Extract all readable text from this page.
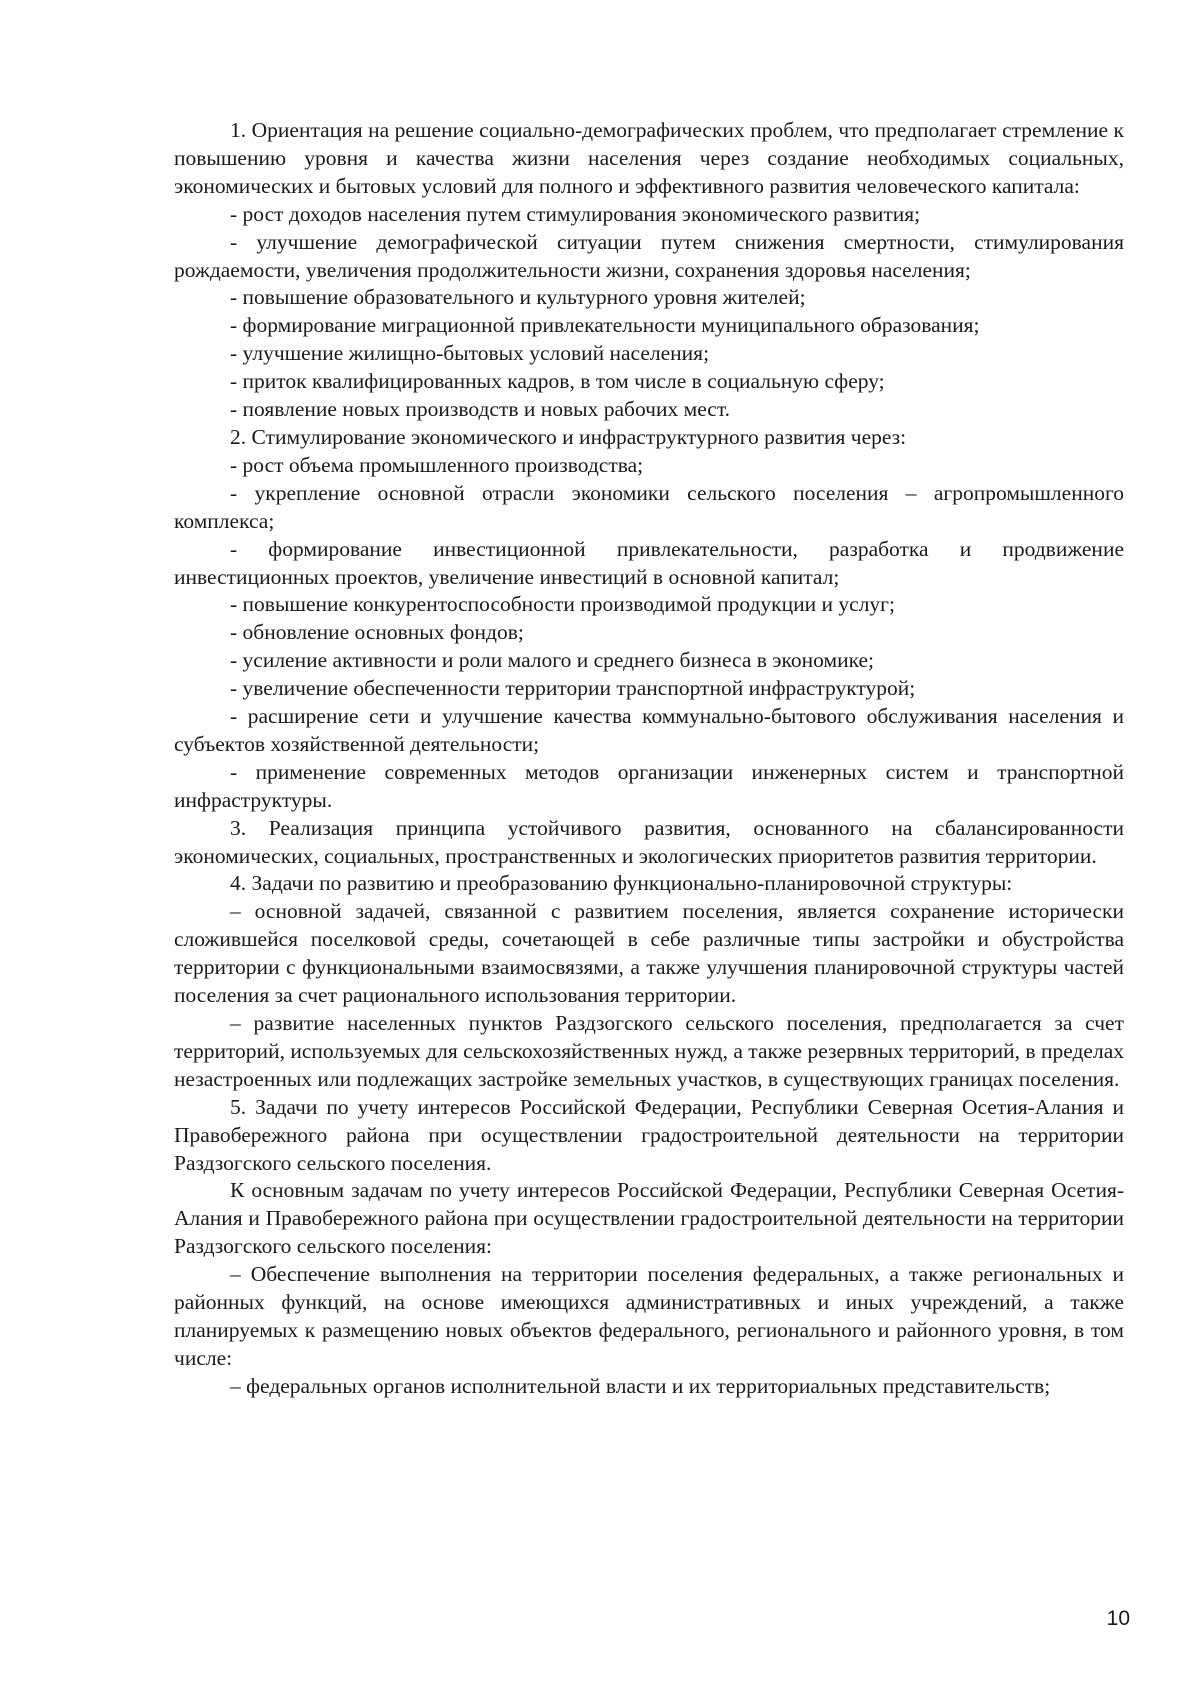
1. Ориентация на решение социально-демографических проблем, что предполагает стремление к повышению уровня и качества жизни населения через создание необходимых социальных, экономических и бытовых условий для полного и эффективного развития человеческого капитала:

- рост доходов населения путем стимулирования экономического развития;

- улучшение демографической ситуации путем снижения смертности, стимулирования рождаемости, увеличения продолжительности жизни, сохранения здоровья населения;

- повышение образовательного и культурного уровня жителей;

- формирование миграционной привлекательности муниципального образования;

- улучшение жилищно-бытовых условий населения;

- приток квалифицированных кадров, в том числе в социальную сферу;

- появление новых производств и новых рабочих мест.

2. Стимулирование экономического и инфраструктурного развития через:

- рост объема промышленного производства;

- укрепление основной отрасли экономики сельского поселения – агропромышленного комплекса;

- формирование инвестиционной привлекательности, разработка и продвижение инвестиционных проектов, увеличение инвестиций в основной капитал;

- повышение конкурентоспособности производимой продукции и услуг;

- обновление основных фондов;

- усиление активности и роли малого и среднего бизнеса в экономике;

- увеличение обеспеченности территории транспортной инфраструктурой;

- расширение сети и улучшение качества коммунально-бытового обслуживания населения и субъектов хозяйственной деятельности;

- применение современных методов организации инженерных систем и транспортной инфраструктуры.

3. Реализация принципа устойчивого развития, основанного на сбалансированности экономических, социальных, пространственных и экологических приоритетов развития территории.

4. Задачи по развитию и преобразованию функционально-планировочной структуры:

– основной задачей, связанной с развитием поселения, является сохранение исторически сложившейся поселковой среды, сочетающей в себе различные типы застройки и обустройства территории с функциональными взаимосвязями, а также улучшения планировочной структуры частей поселения за счет рационального использования территории.

– развитие населенных пунктов Раздзогского сельского поселения, предполагается за счет территорий, используемых для сельскохозяйственных нужд, а также резервных территорий, в пределах незастроенных или подлежащих застройке земельных участков, в существующих границах поселения.

5. Задачи по учету интересов Российской Федерации, Республики Северная Осетия-Алания и Правобережного района при осуществлении градостроительной деятельности на территории Раздзогского сельского поселения.

К основным задачам по учету интересов Российской Федерации, Республики Северная Осетия-Алания и Правобережного района при осуществлении градостроительной деятельности на территории Раздзогского сельского поселения:

– Обеспечение выполнения на территории поселения федеральных, а также региональных и районных функций, на основе имеющихся административных и иных учреждений, а также планируемых к размещению новых объектов федерального, регионального и районного уровня, в том числе:

– федеральных органов исполнительной власти и их территориальных представительств;

10
